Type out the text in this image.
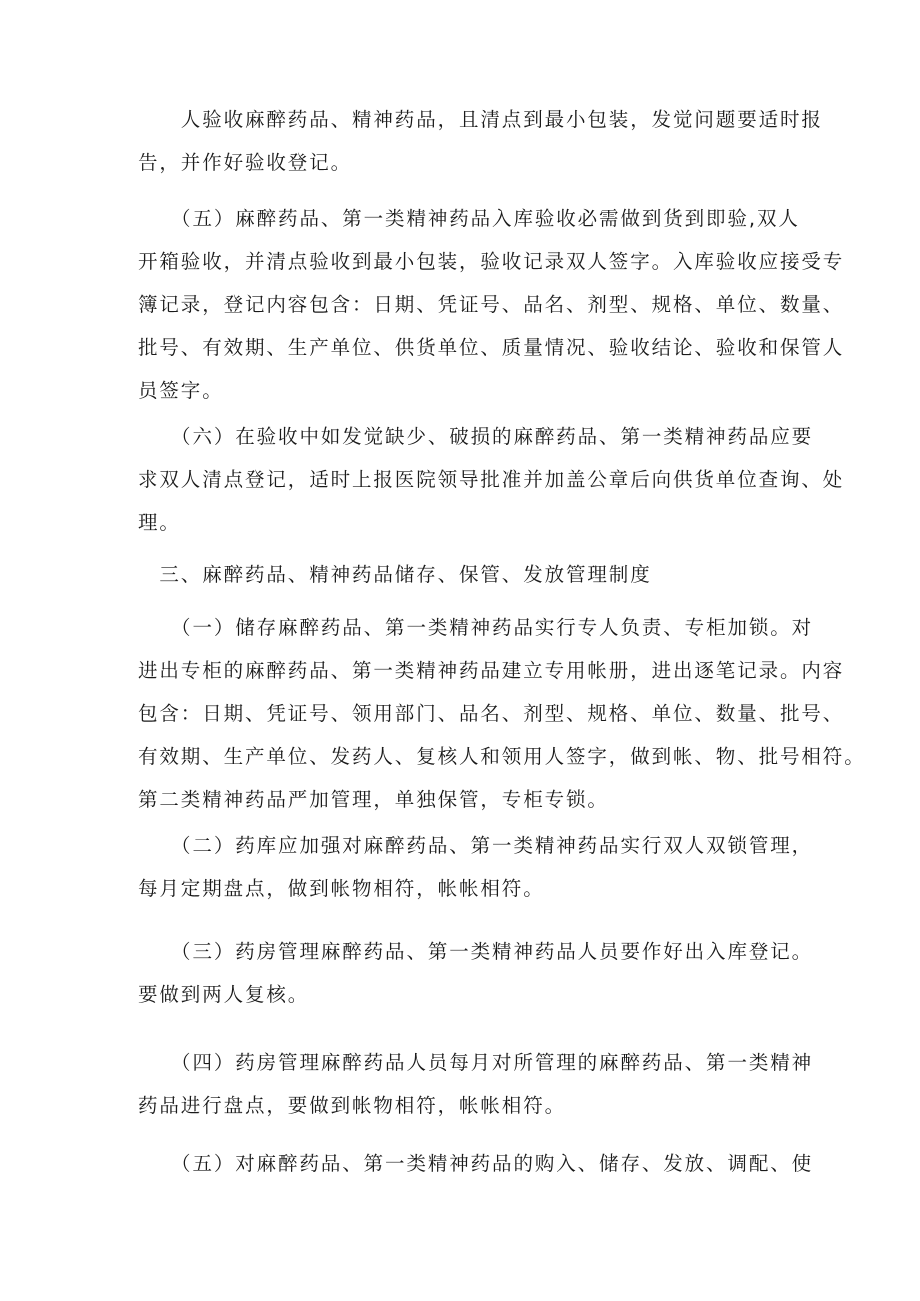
　　人验收麻醉药品、精神药品，且清点到最小包装，发觉问题要适时报
告，并作好验收登记。

　　（五）麻醉药品、第一类精神药品入库验收必需做到货到即验,双人
开箱验收，并清点验收到最小包装，验收记录双人签字。入库验收应接受专
簿记录，登记内容包含：日期、凭证号、品名、剂型、规格、单位、数量、
批号、有效期、生产单位、供货单位、质量情况、验收结论、验收和保管人
员签字。

　　（六）在验收中如发觉缺少、破损的麻醉药品、第一类精神药品应要
求双人清点登记，适时上报医院领导批准并加盖公章后向供货单位查询、处
理。

　三、麻醉药品、精神药品储存、保管、发放管理制度

　　（一）储存麻醉药品、第一类精神药品实行专人负责、专柜加锁。对
进出专柜的麻醉药品、第一类精神药品建立专用帐册，进出逐笔记录。内容
包含：日期、凭证号、领用部门、品名、剂型、规格、单位、数量、批号、
有效期、生产单位、发药人、复核人和领用人签字，做到帐、物、批号相符。
第二类精神药品严加管理，单独保管，专柜专锁。

　　（二）药库应加强对麻醉药品、第一类精神药品实行双人双锁管理，
每月定期盘点，做到帐物相符，帐帐相符。

　　（三）药房管理麻醉药品、第一类精神药品人员要作好出入库登记。
要做到两人复核。

　　（四）药房管理麻醉药品人员每月对所管理的麻醉药品、第一类精神
药品进行盘点，要做到帐物相符，帐帐相符。

　　（五）对麻醉药品、第一类精神药品的购入、储存、发放、调配、使
